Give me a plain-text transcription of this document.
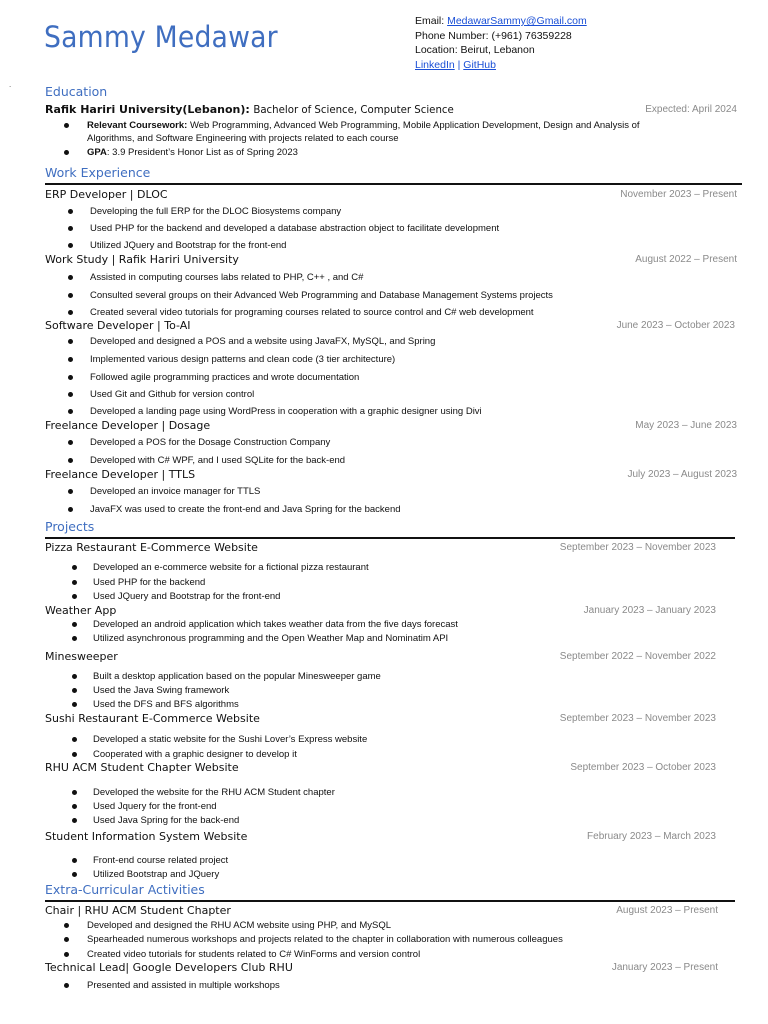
Sammy Medawar
.
Email: MedawarSammy@Gmail.com
Phone Number: (+961) 76359228
Location: Beirut, Lebanon
LinkedIn | GitHub
Education
Rafik Hariri University(Lebanon): Bachelor of Science, Computer Science	Expected: April 2024
Relevant Coursework: Web Programming, Advanced Web Programming, Mobile Application Development, Design and Analysis of
Algorithms, and Software Engineering with projects related to each course
GPA: 3.9 President’s Honor List as of Spring 2023
Work Experience
ERP Developer | DLOC	November 2023 – Present
Developing the full ERP for the DLOC Biosystems company
Used PHP for the backend and developed a database abstraction object to facilitate development
Utilized JQuery and Bootstrap for the front-end
Work Study | Rafik Hariri University	August 2022 – Present
Assisted in computing courses labs related to PHP, C++ , and C#
Consulted several groups on their Advanced Web Programming and Database Management Systems projects
Created several video tutorials for programing courses related to source control and C# web development
Software Developer | To-AI	June 2023 – October 2023
Developed and designed a POS and a website using JavaFX, MySQL, and Spring
Implemented various design patterns and clean code (3 tier architecture)
Followed agile programming practices and wrote documentation
Used Git and Github for version control
Developed a landing page using WordPress in cooperation with a graphic designer using Divi
Freelance Developer | Dosage	May 2023 – June 2023
Developed a POS for the Dosage Construction Company
Developed with C# WPF, and I used SQLite for the back-end
Freelance Developer | TTLS	July 2023 – August 2023
Developed an invoice manager for TTLS
JavaFX was used to create the front-end and Java Spring for the backend
Projects
Pizza Restaurant E-Commerce Website	September 2023 – November 2023
Developed an e-commerce website for a fictional pizza restaurant
Used PHP for the backend
Used JQuery and Bootstrap for the front-end
Weather App	January 2023 – January 2023
Developed an android application which takes weather data from the five days forecast
Utilized asynchronous programming and the Open Weather Map and Nominatim API
Minesweeper	September 2022 – November 2022
Built a desktop application based on the popular Minesweeper game
Used the Java Swing framework
Used the DFS and BFS algorithms
Sushi Restaurant E-Commerce Website	September 2023 – November 2023
Developed a static website for the Sushi Lover’s Express website
Cooperated with a graphic designer to develop it
RHU ACM Student Chapter Website	September 2023 – October 2023
Developed the website for the RHU ACM Student chapter
Used Jquery for the front-end
Used Java Spring for the back-end
Student Information System Website	February 2023 – March 2023
Front-end course related project
Utilized Bootstrap and JQuery
Extra-Curricular Activities
Chair | RHU ACM Student Chapter	August 2023 – Present
Developed and designed the RHU ACM website using PHP, and MySQL
Spearheaded numerous workshops and projects related to the chapter in collaboration with numerous colleagues
Created video tutorials for students related to C# WinForms and version control
Technical Lead| Google Developers Club RHU	January 2023 – Present
Presented and assisted in multiple workshops
